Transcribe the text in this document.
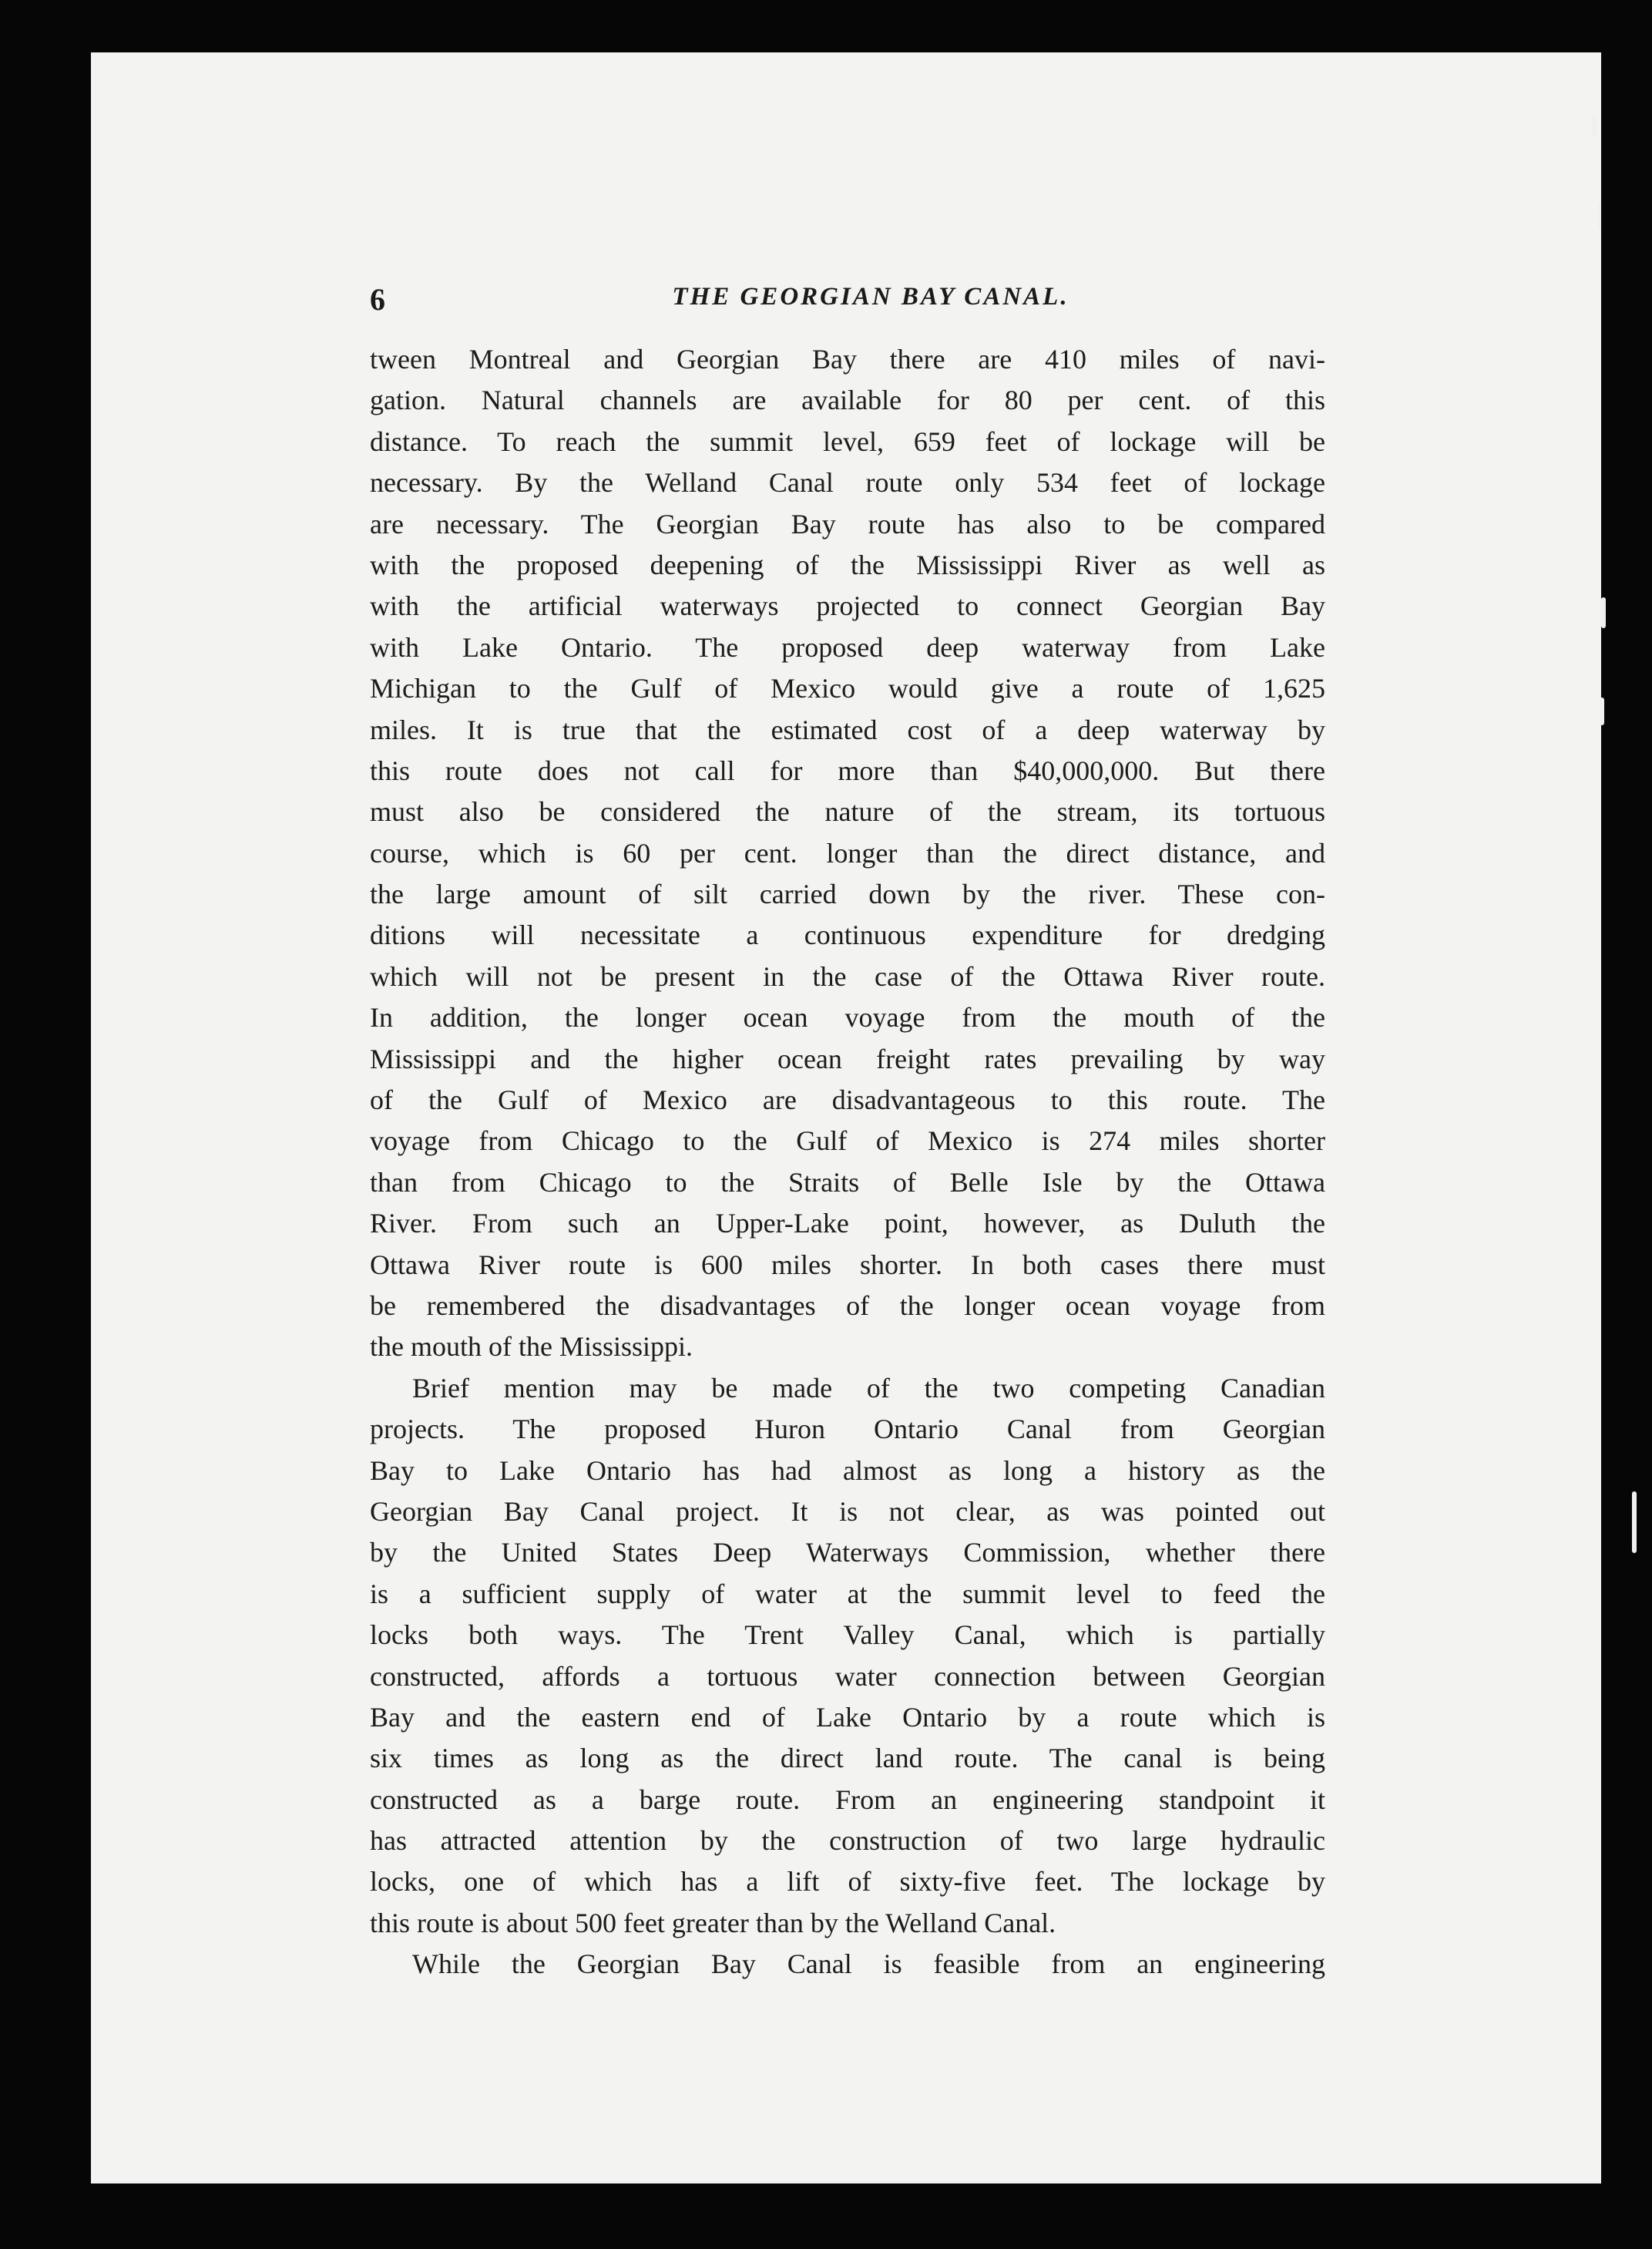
6	THE GEORGIAN BAY CANAL.
tween Montreal and Georgian Bay there are 410 miles of navi-
gation. Natural channels are available for 80 per cent. of this
distance. To reach the summit level, 659 feet of lockage will be
necessary. By the Welland Canal route only 534 feet of lockage
are necessary. The Georgian Bay route has also to be compared
with the proposed deepening of the Mississippi River as well as
with the artificial waterways projected to connect Georgian Bay
with Lake Ontario. The proposed deep waterway from Lake
Michigan to the Gulf of Mexico would give a route of 1,625
miles. It is true that the estimated cost of a deep waterway by
this route does not call for more than $40,000,000. But there
must also be considered the nature of the stream, its tortuous
course, which is 60 per cent. longer than the direct distance, and
the large amount of silt carried down by the river. These con-
ditions will necessitate a continuous expenditure for dredging
which will not be present in the case of the Ottawa River route.
In addition, the longer ocean voyage from the mouth of the
Mississippi and the higher ocean freight rates prevailing by way
of the Gulf of Mexico are disadvantageous to this route. The
voyage from Chicago to the Gulf of Mexico is 274 miles shorter
than from Chicago to the Straits of Belle Isle by the Ottawa
River. From such an Upper-Lake point, however, as Duluth the
Ottawa River route is 600 miles shorter. In both cases there must
be remembered the disadvantages of the longer ocean voyage from
the mouth of the Mississippi.
Brief mention may be made of the two competing Canadian
projects. The proposed Huron Ontario Canal from Georgian
Bay to Lake Ontario has had almost as long a history as the
Georgian Bay Canal project. It is not clear, as was pointed out
by the United States Deep Waterways Commission, whether there
is a sufficient supply of water at the summit level to feed the
locks both ways. The Trent Valley Canal, which is partially
constructed, affords a tortuous water connection between Georgian
Bay and the eastern end of Lake Ontario by a route which is
six times as long as the direct land route. The canal is being
constructed as a barge route. From an engineering standpoint it
has attracted attention by the construction of two large hydraulic
locks, one of which has a lift of sixty-five feet. The lockage by
this route is about 500 feet greater than by the Welland Canal.
While the Georgian Bay Canal is feasible from an engineering
